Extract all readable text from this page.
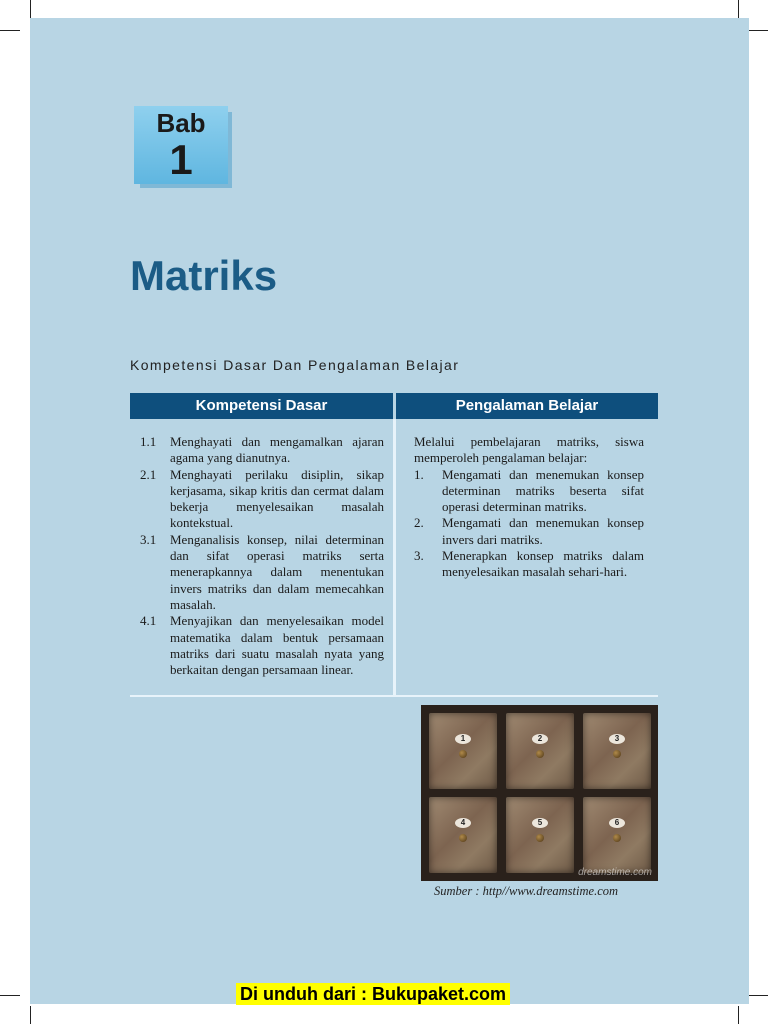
Bab
1
Matriks
Kompetensi Dasar Dan Pengalaman Belajar
Kompetensi Dasar	Pengalaman Belajar
1.1	Menghayati dan mengamalkan ajaran agama yang dianutnya.
2.1	Menghayati perilaku disiplin, sikap kerjasama, sikap kritis dan cermat dalam bekerja menyelesaikan masalah kontekstual.
3.1	Menganalisis konsep, nilai determinan dan sifat operasi matriks serta menerapkannya dalam menentukan invers matriks dan dalam memecahkan masalah.
4.1	Menyajikan dan menyelesaikan model matematika dalam bentuk persamaan matriks dari suatu masalah nyata yang berkaitan dengan persamaan linear.

Melalui pembelajaran matriks, siswa memperoleh pengalaman belajar:

1.	Mengamati dan menemukan konsep determinan matriks beserta sifat operasi determinan matriks.
2.	Mengamati dan menemukan konsep invers dari matriks.
3.	Menerapkan konsep matriks dalam menyelesaikan masalah sehari-hari.
1	2	3
4	5	6
dreamstime.com
Sumber : http//www.dreamstime.com
Di unduh dari : Bukupaket.com
